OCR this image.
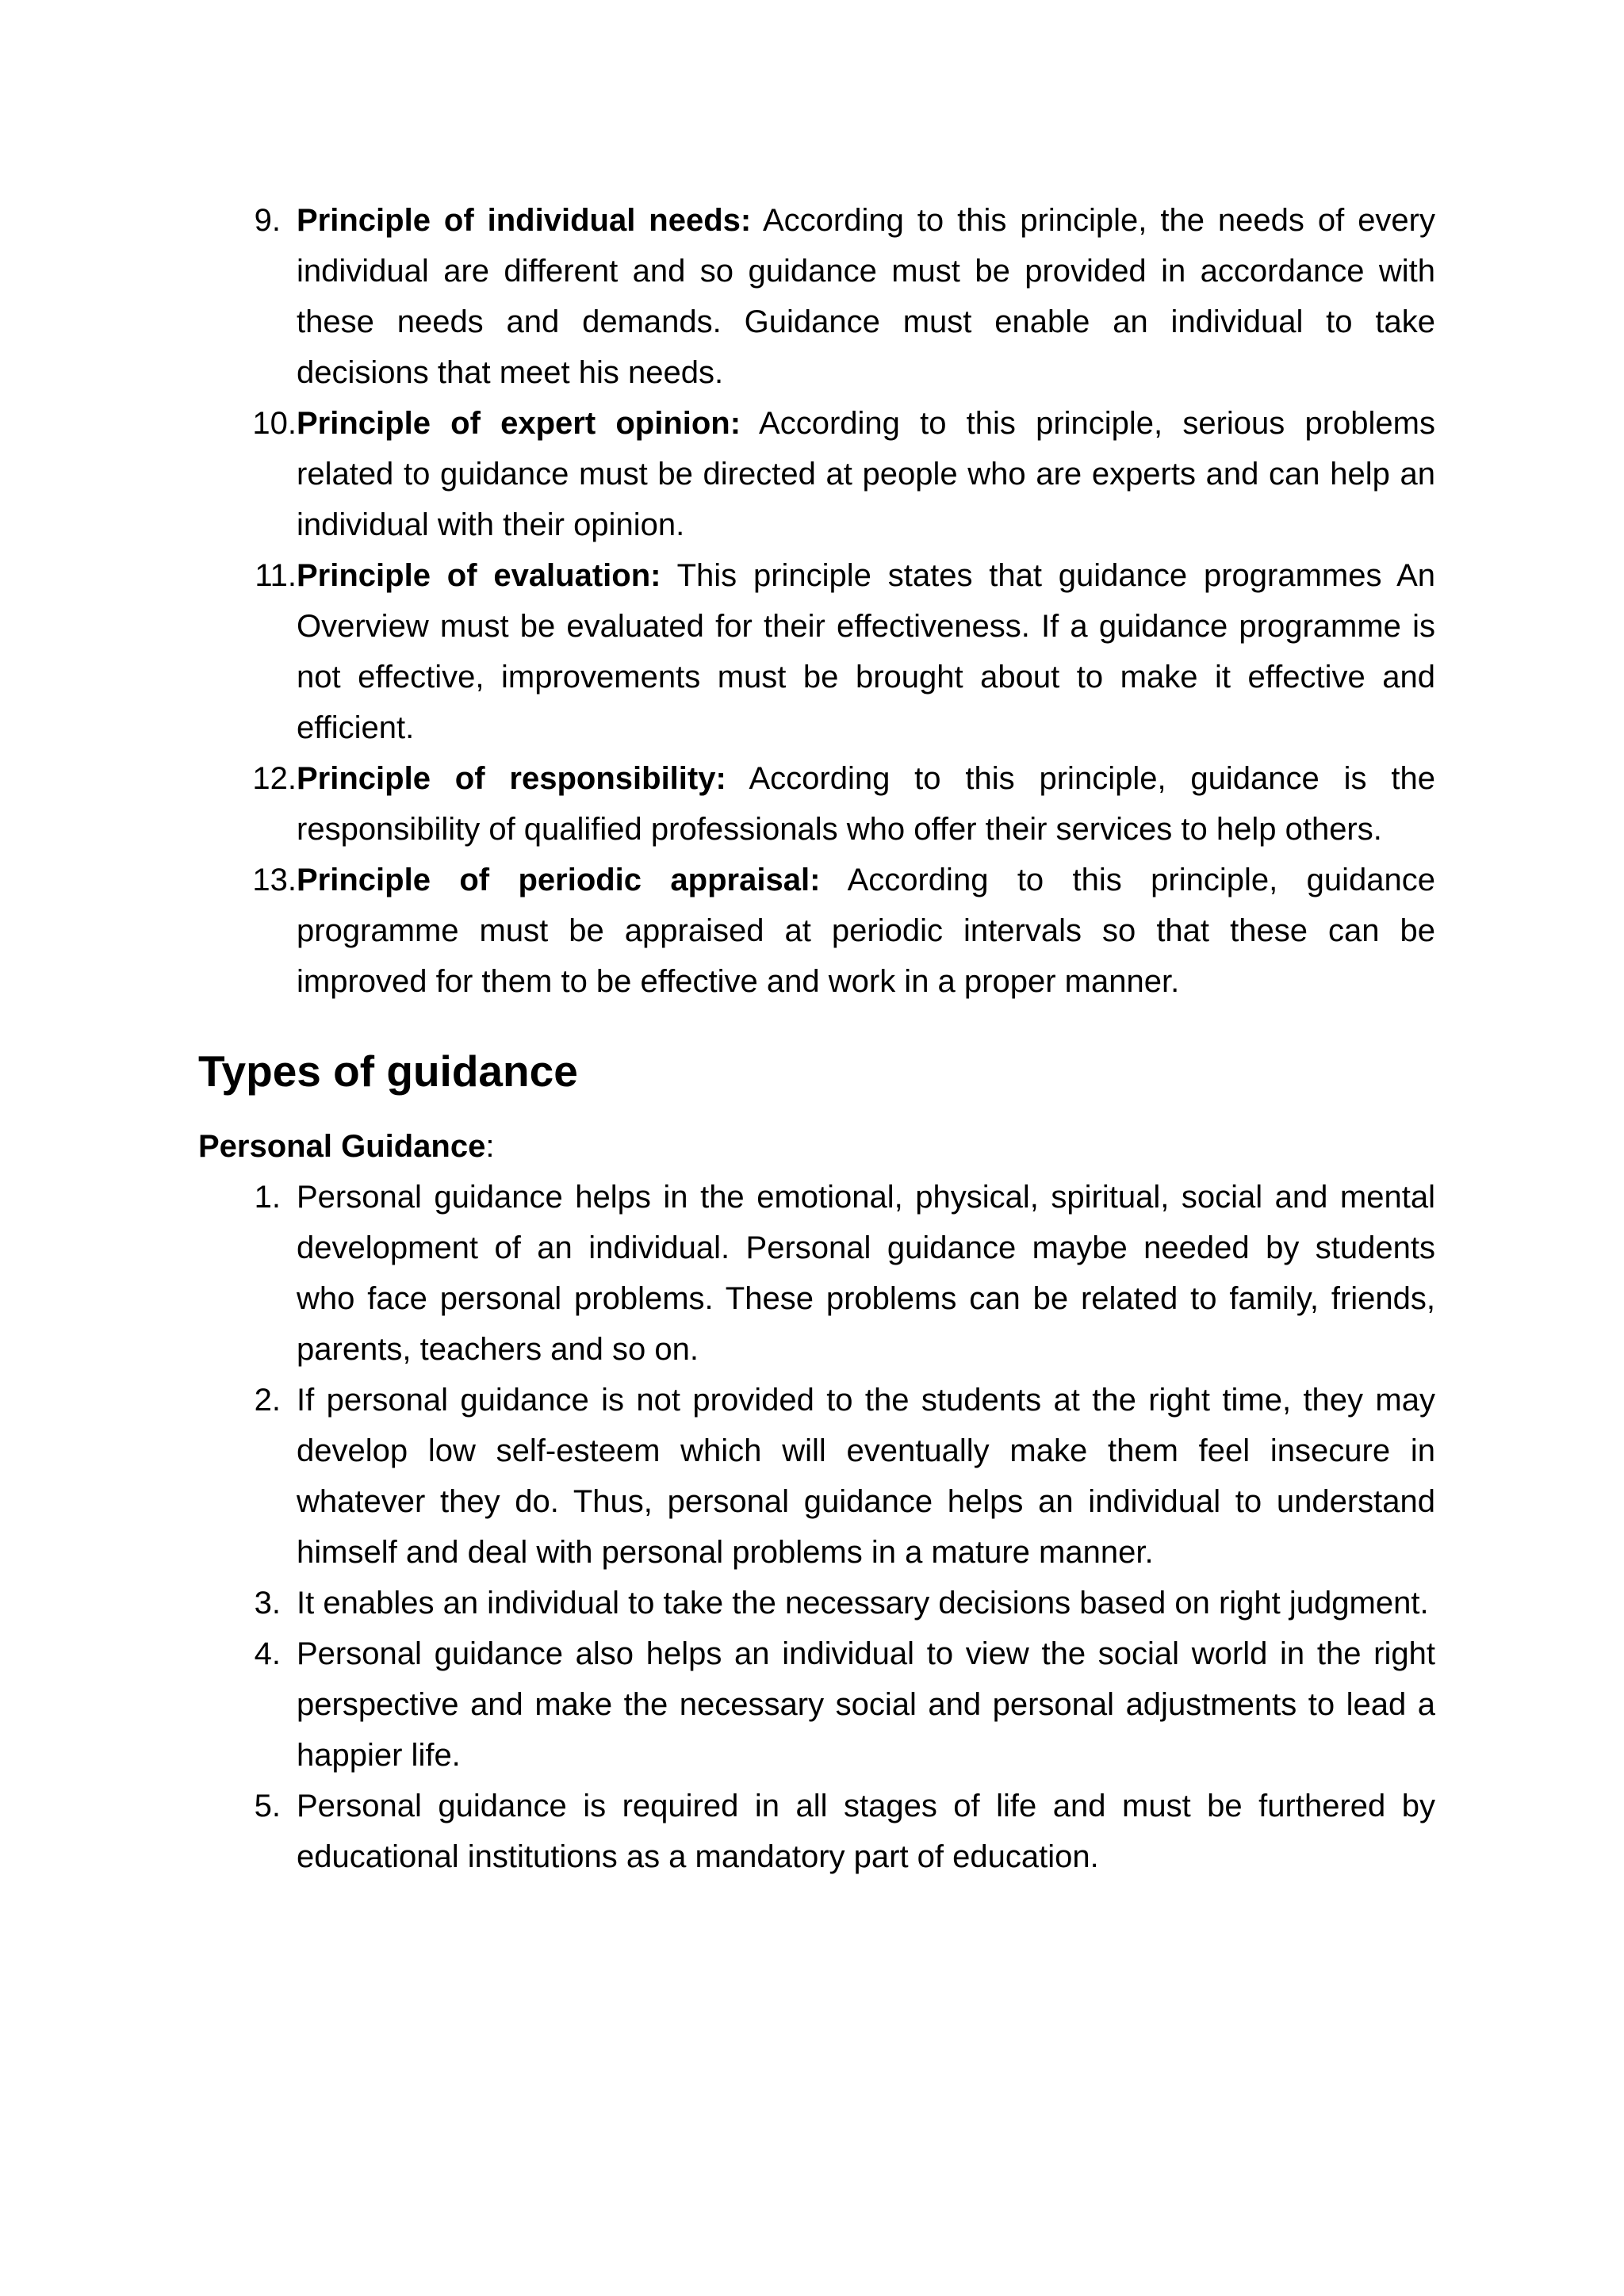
9. Principle of individual needs: According to this principle, the needs of every individual are different and so guidance must be provided in accordance with these needs and demands. Guidance must enable an individual to take decisions that meet his needs.
10. Principle of expert opinion: According to this principle, serious problems related to guidance must be directed at people who are experts and can help an individual with their opinion.
11. Principle of evaluation: This principle states that guidance programmes An Overview must be evaluated for their effectiveness. If a guidance programme is not effective, improvements must be brought about to make it effective and efficient.
12. Principle of responsibility: According to this principle, guidance is the responsibility of qualified professionals who offer their services to help others.
13. Principle of periodic appraisal: According to this principle, guidance programme must be appraised at periodic intervals so that these can be improved for them to be effective and work in a proper manner.
Types of guidance
Personal Guidance:
1. Personal guidance helps in the emotional, physical, spiritual, social and mental development of an individual. Personal guidance maybe needed by students who face personal problems. These problems can be related to family, friends, parents, teachers and so on.
2. If personal guidance is not provided to the students at the right time, they may develop low self-esteem which will eventually make them feel insecure in whatever they do. Thus, personal guidance helps an individual to understand himself and deal with personal problems in a mature manner.
3. It enables an individual to take the necessary decisions based on right judgment.
4. Personal guidance also helps an individual to view the social world in the right perspective and make the necessary social and personal adjustments to lead a happier life.
5. Personal guidance is required in all stages of life and must be furthered by educational institutions as a mandatory part of education.
